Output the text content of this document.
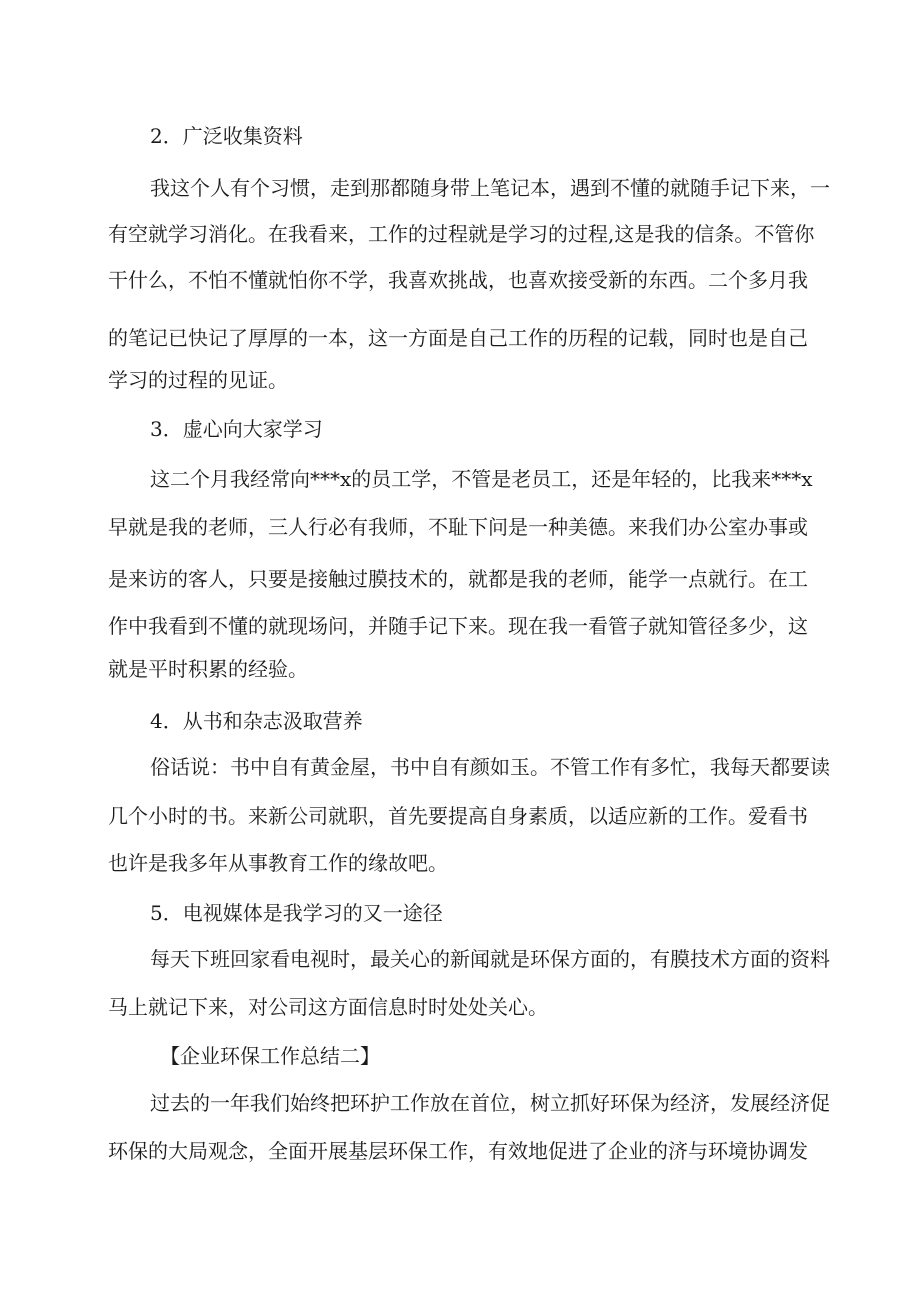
2．广泛收集资料
我这个人有个习惯，走到那都随身带上笔记本，遇到不懂的就随手记下来，一
有空就学习消化。在我看来，工作的过程就是学习的过程,这是我的信条。不管你
干什么，不怕不懂就怕你不学，我喜欢挑战，也喜欢接受新的东西。二个多月我
的笔记已快记了厚厚的一本，这一方面是自己工作的历程的记载，同时也是自己
学习的过程的见证。
3．虚心向大家学习
这二个月我经常向***x的员工学，不管是老员工，还是年轻的，比我来***x
早就是我的老师，三人行必有我师，不耻下问是一种美德。来我们办公室办事或
是来访的客人，只要是接触过膜技术的，就都是我的老师，能学一点就行。在工
作中我看到不懂的就现场问，并随手记下来。现在我一看管子就知管径多少，这
就是平时积累的经验。
4．从书和杂志汲取营养
俗话说：书中自有黄金屋，书中自有颜如玉。不管工作有多忙，我每天都要读
几个小时的书。来新公司就职，首先要提高自身素质，以适应新的工作。爱看书
也许是我多年从事教育工作的缘故吧。
5．电视媒体是我学习的又一途径
每天下班回家看电视时，最关心的新闻就是环保方面的，有膜技术方面的资料
马上就记下来，对公司这方面信息时时处处关心。
【企业环保工作总结二】
过去的一年我们始终把环护工作放在首位，树立抓好环保为经济，发展经济促
环保的大局观念，全面开展基层环保工作，有效地促进了企业的济与环境协调发
